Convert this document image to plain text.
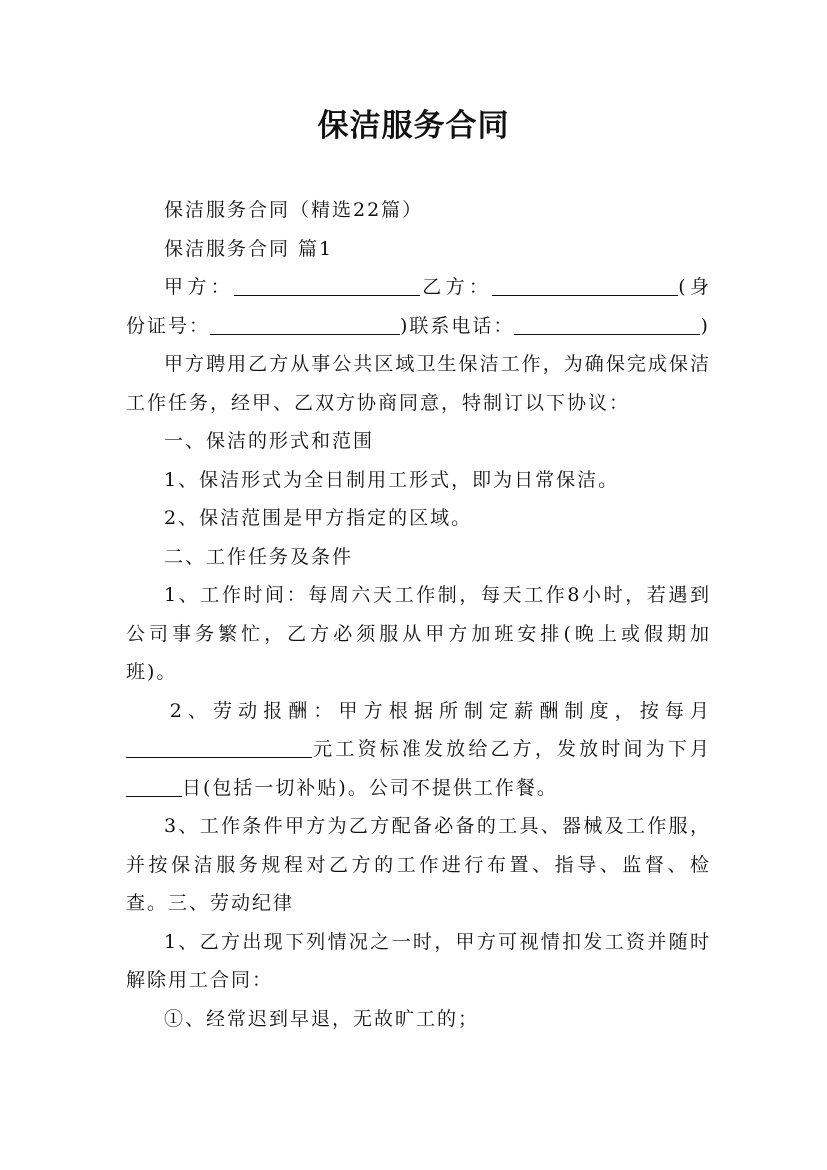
保洁服务合同

保洁服务合同（精选22篇）

保洁服务合同 篇1

甲方：	乙方：	(身份证号：	)联系电话：	)

甲方聘用乙方从事公共区域卫生保洁工作，为确保完成保洁工作任务，经甲、乙双方协商同意，特制订以下协议：

一、保洁的形式和范围

1、保洁形式为全日制用工形式，即为日常保洁。

2、保洁范围是甲方指定的区域。

二、工作任务及条件

1、工作时间：每周六天工作制，每天工作8小时，若遇到公司事务繁忙，乙方必须服从甲方加班安排(晚上或假期加班)。

2、劳动报酬：甲方根据所制定薪酬制度，按每月元工资标准发放给乙方，发放时间为下月日(包括一切补贴)。公司不提供工作餐。

3、工作条件甲方为乙方配备必备的工具、器械及工作服，并按保洁服务规程对乙方的工作进行布置、指导、监督、检查。三、劳动纪律

1、乙方出现下列情况之一时，甲方可视情扣发工资并随时解除用工合同：

①、经常迟到早退，无故旷工的；
